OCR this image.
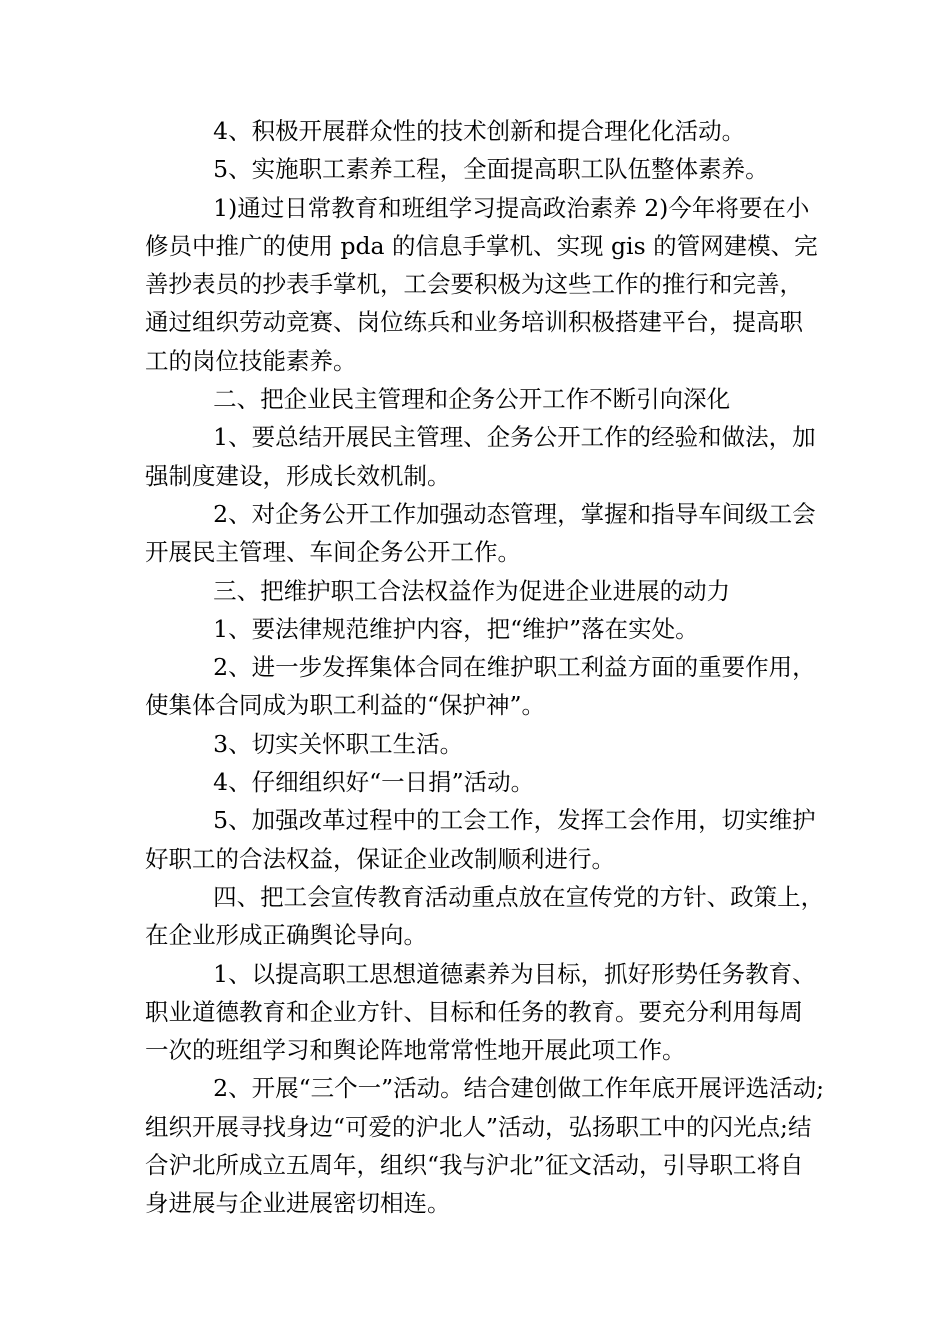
4、积极开展群众性的技术创新和提合理化化活动。

5、实施职工素养工程，全面提高职工队伍整体素养。

1)通过日常教育和班组学习提高政治素养 2)今年将要在小修员中推广的使用 pda 的信息手掌机、实现 gis 的管网建模、完善抄表员的抄表手掌机，工会要积极为这些工作的推行和完善，通过组织劳动竞赛、岗位练兵和业务培训积极搭建平台，提高职工的岗位技能素养。

二、把企业民主管理和企务公开工作不断引向深化

1、要总结开展民主管理、企务公开工作的经验和做法，加强制度建设，形成长效机制。

2、对企务公开工作加强动态管理，掌握和指导车间级工会开展民主管理、车间企务公开工作。

三、把维护职工合法权益作为促进企业进展的动力

1、要法律规范维护内容，把“维护”落在实处。

2、进一步发挥集体合同在维护职工利益方面的重要作用，使集体合同成为职工利益的“保护神”。

3、切实关怀职工生活。

4、仔细组织好“一日捐”活动。

5、加强改革过程中的工会工作，发挥工会作用，切实维护好职工的合法权益，保证企业改制顺利进行。

四、把工会宣传教育活动重点放在宣传党的方针、政策上，在企业形成正确舆论导向。

1、以提高职工思想道德素养为目标，抓好形势任务教育、职业道德教育和企业方针、目标和任务的教育。要充分利用每周一次的班组学习和舆论阵地常常性地开展此项工作。

2、开展“三个一”活动。结合建创做工作年底开展评选活动;组织开展寻找身边“可爱的沪北人”活动，弘扬职工中的闪光点;结合沪北所成立五周年，组织“我与沪北”征文活动，引导职工将自身进展与企业进展密切相连。
